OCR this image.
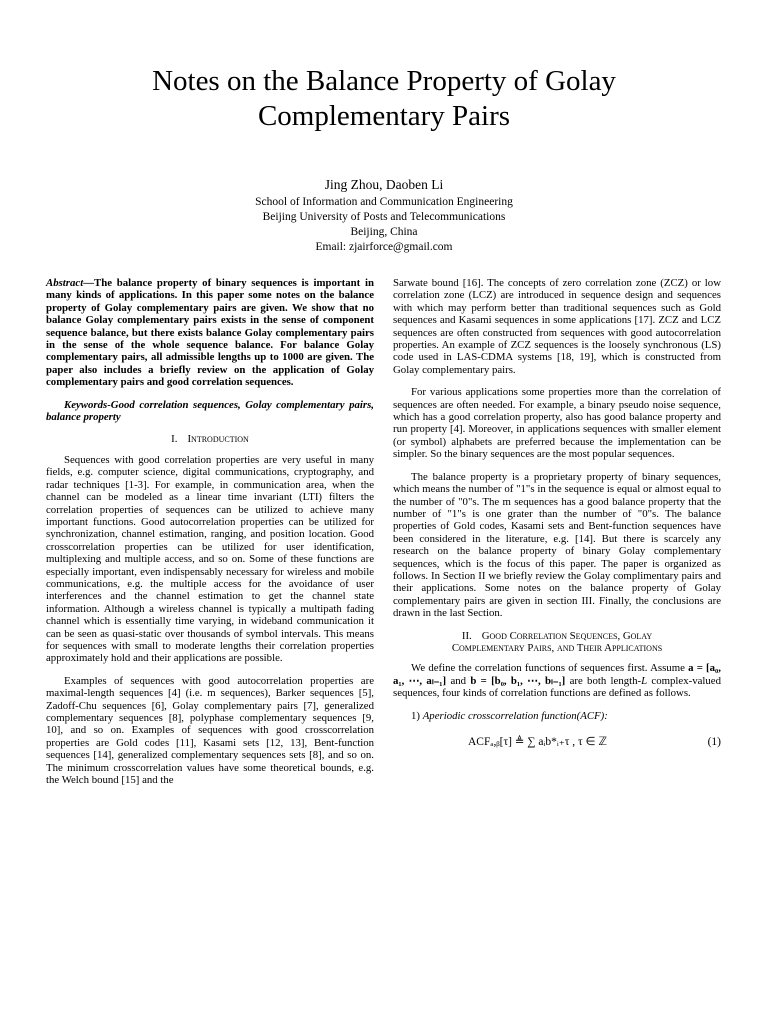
Notes on the Balance Property of Golay
Complementary Pairs
Jing Zhou, Daoben Li
School of Information and Communication Engineering
Beijing University of Posts and Telecommunications
Beijing, China
Email: zjairforce@gmail.com

Abstract—The balance property of binary sequences is important in many kinds of applications. In this paper some notes on the balance property of Golay complementary pairs are given. We show that no balance Golay complementary pairs exists in the sense of component sequence balance, but there exists balance Golay complementary pairs in the sense of the whole sequence balance. For balance Golay complementary pairs, all admissible lengths up to 1000 are given. The paper also includes a briefly review on the application of Golay complementary pairs and good correlation sequences.

Keywords-Good correlation sequences, Golay complementary pairs, balance property

I. Introduction

Sequences with good correlation properties are very useful in many fields, e.g. computer science, digital communications, cryptography, and radar techniques [1-3]. For example, in communication area, when the channel can be modeled as a linear time invariant (LTI) filters the correlation properties of sequences can be utilized to achieve many important functions. Good autocorrelation properties can be utilized for synchronization, channel estimation, ranging, and position location. Good crosscorrelation properties can be utilized for user identification, multiplexing and multiple access, and so on. Some of these functions are especially important, even indispensably necessary for wireless and mobile communications, e.g. the multiple access for the avoidance of user interferences and the channel estimation to get the channel state information. Although a wireless channel is typically a multipath fading channel which is essentially time varying, in wideband communication it can be seen as quasi-static over thousands of symbol intervals. This means for sequences with small to moderate lengths their correlation properties approximately hold and their applications are possible.

Examples of sequences with good autocorrelation properties are maximal-length sequences [4] (i.e. m sequences), Barker sequences [5], Zadoff-Chu sequences [6], Golay complementary pairs [7], generalized complementary sequences [8], polyphase complementary sequences [9, 10], and so on. Examples of sequences with good crosscorrelation properties are Gold codes [11], Kasami sets [12, 13], Bent-function sequences [14], generalized complementary sequences sets [8], and so on. The minimum crosscorrelation values have some theoretical bounds, e.g. the Welch bound [15] and the

Sarwate bound [16]. The concepts of zero correlation zone (ZCZ) or low correlation zone (LCZ) are introduced in sequence design and sequences with which may perform better than traditional sequences such as Gold sequences and Kasami sequences in some applications [17]. ZCZ and LCZ sequences are often constructed from sequences with good autocorrelation properties. An example of ZCZ sequences is the loosely synchronous (LS) code used in LAS-CDMA systems [18, 19], which is constructed from Golay complementary pairs.

For various applications some properties more than the correlation of sequences are often needed. For example, a binary pseudo noise sequence, which has a good correlation property, also has good balance property and run property [4]. Moreover, in applications sequences with smaller element (or symbol) alphabets are preferred because the implementation can be simpler. So the binary sequences are the most popular sequences.

The balance property is a proprietary property of binary sequences, which means the number of "1"s in the sequence is equal or almost equal to the number of "0"s. The m sequences has a good balance property that the number of "1"s is one grater than the number of "0"s. The balance properties of Gold codes, Kasami sets and Bent-function sequences have been considered in the literature, e.g. [14]. But there is scarcely any research on the balance property of binary Golay complementary sequences, which is the focus of this paper. The paper is organized as follows. In Section II we briefly review the Golay complimentary pairs and their applications. Some notes on the balance property of Golay complementary pairs are given in section III. Finally, the conclusions are drawn in the last Section.

II. Good Correlation Sequences, Golay
Complementary Pairs, and Their Applications

We define the correlation functions of sequences first. Assume a = [a₀, a₁, ⋯, aₗ₋₁] and b = [b₀, b₁, ⋯, bₗ₋₁] are both length-L complex-valued sequences, four kinds of correlation functions are defined as follows.

1) Aperiodic crosscorrelation function(ACF):

ACFₐ,ᵦ[τ] ≜ ∑ aᵢb*ᵢ₊τ , τ ∈ ℤ	(1)
